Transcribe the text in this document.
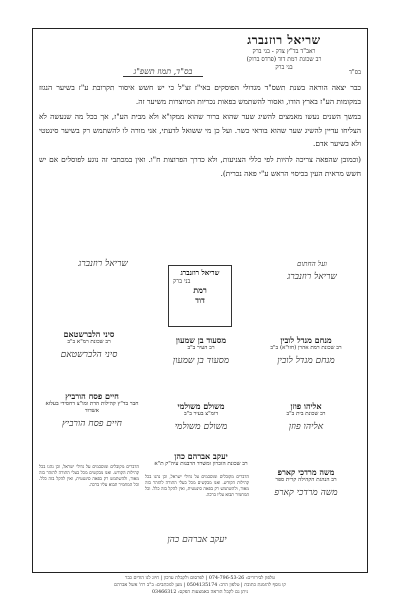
שריאל רוזנברג
ראב"ד בד"ץ צדק - בני ברק
רב שכונת רמת דוד (פרדס ברוק)
בני ברק
בס"ד
בס"ד, תמוז תשפ"ג

כבר יצאה הוראה בשנת תשס"ד מגדולי הפוסקים באי"ז זצ"ל כי יש חשש איסור תקרובת ע"ז בשיער הנגזז במקומות הע"ז בארץ הודו, ואסור להשתמש בפאות נכריות המיוצרות משיער זה.

במשך השנים נעשו מאמצים להשיג שער שהוא ברור שהוא ממקו"א ולא מבית הע"ז, אך בכל מה שנעשה לא הצליחו עדיין להשיג שער שהוא בודאי כשר. ועל כן מי ששואל לדעתי, אני מורה לו להשתמש רק בשיער סינטטי ולא בשיער אדם.

(וכמובן שהפאה צריכה להיות לפי כללי הצניעות, ולא כדרך הפרוצות ח"ו. ואין במכתבי זה נוגע לפוסלים אם יש חשש מראית העין בכיסוי הראש ע"י פאה נכרית).

ועל החתום
שריאל רוזנברג
שריאל רוזנברג
שריאל רוזנברג
רמת
דוד
בני ברק
סיני הלברשטאם
רב שכונת רמ"א ב"ב
סיני הלברשטאם
מנחם מנדל לובין
רב שכונת רמת אהרן (חזו"א) ב"ב
מנחם מנדל לובין
מסעוד בן שמעון
רב העיר ב"ב
מסעוד בן שמעון
חיים פסח הורביץ
חבר בד"ץ קהילות הדת ומו"צ דחסידי בעלזא אשדוד
חיים פסח הורביץ
אליהו פוזן
רב שכונת בית ב"ב
אליהו פוזן
משולם משולמי
דומ"צ בעיר ב"ב
משולם משולמי
יעקב אברהם כהן
רב שכונת הזכרון ומשרד הרבנות עיה"ק ת"א
משה מרדכי קארפ
רב הנהגת הקהילה קרית ספר
משה מרדכי קארפ
הדברים מקובלים ומוסכמים על גדולי ישראל, וכן נהגו בכל קהילות הקודש. ואנו מבקשים מכל בעלי התורה להזהר בזה מאוד, ולהשתמש רק בפאה סינטטית, ואין להקל בזה כלל. וכל המחמיר תבוא עליו ברכה.
הדברים מקובלים ומוסכמים על גדולי ישראל, וכן נהגו בכל קהילות הקודש. ואנו מבקשים מכל בעלי התורה להזהר בזה מאוד, ולהשתמש רק בפאה סינטטית, ואין להקל בזה כלל. וכל המחמיר תבוא עליו ברכה.
יעקב אברהם כהן
טלפון לבירורים: 074-796-53-26 | לפרסום ולקבלת עדכון | חיוג לגו הודים כבר
קו נוסף להזמנת כתובת | טלפון הרב: 0504135174 | מען למכתבים: ב"ב רח' אשל אברהם
ניתן גם לקבל הוראה באמצעות הפקס: 03466312
